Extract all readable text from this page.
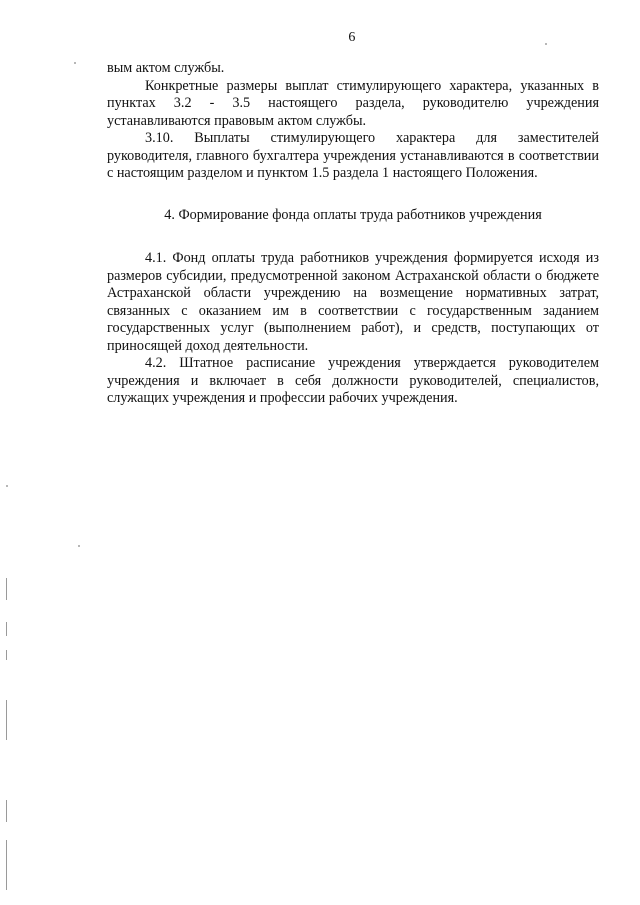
6

вым актом службы.

Конкретные размеры выплат стимулирующего характера, указанных в пунктах 3.2 - 3.5 настоящего раздела, руководителю учреждения устанавливаются правовым актом службы.

3.10. Выплаты стимулирующего характера для заместителей руководителя, главного бухгалтера учреждения устанавливаются в соответствии с настоящим разделом и пунктом 1.5 раздела 1 настоящего Положения.

4. Формирование фонда оплаты труда работников учреждения

4.1. Фонд оплаты труда работников учреждения формируется исходя из размеров субсидии, предусмотренной законом Астраханской области о бюджете Астраханской области учреждению на возмещение нормативных затрат, связанных с оказанием им в соответствии с государственным заданием государственных услуг (выполнением работ), и средств, поступающих от приносящей доход деятельности.

4.2. Штатное расписание учреждения утверждается руководителем учреждения и включает в себя должности руководителей, специалистов, служащих учреждения и профессии рабочих учреждения.
